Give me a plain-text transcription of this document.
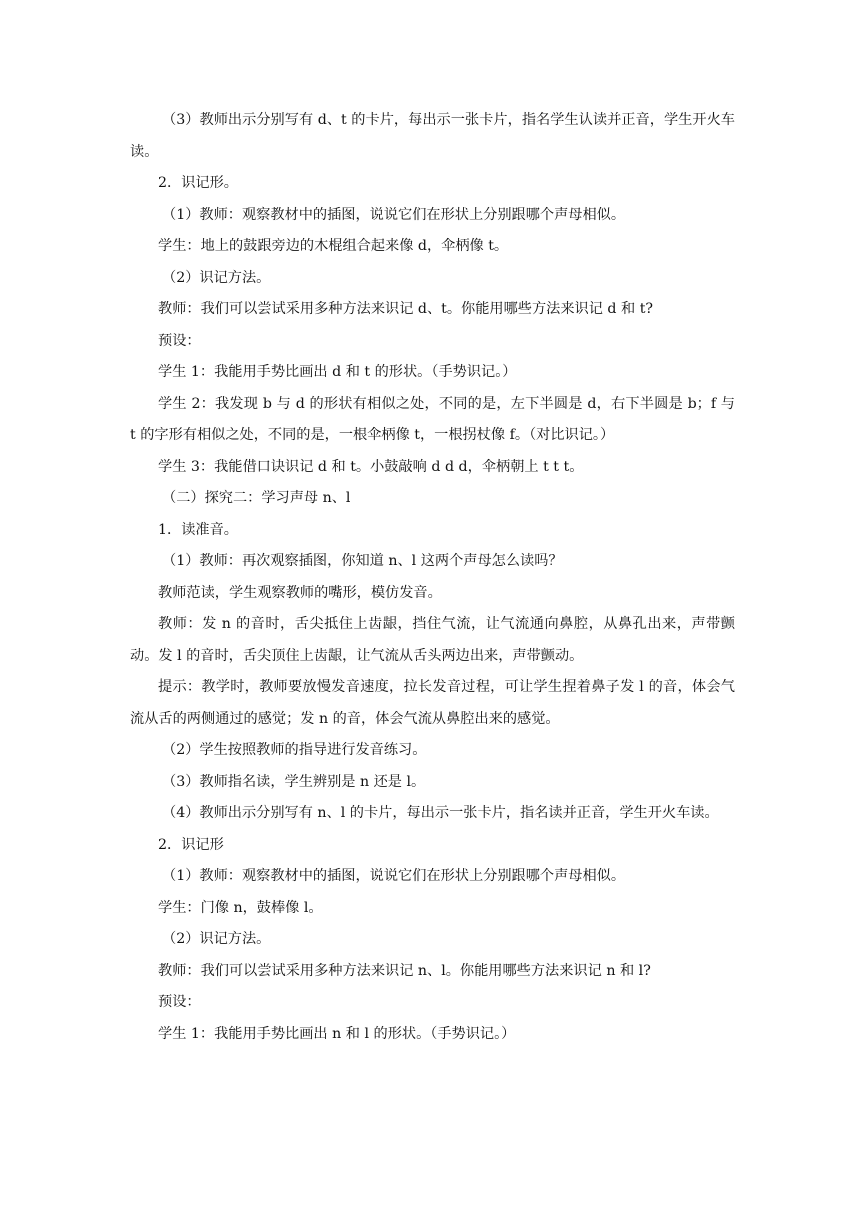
（3）教师出示分别写有 d、t 的卡片，每出示一张卡片，指名学生认读并正音，学生开火车读。

2．识记形。

（1）教师：观察教材中的插图，说说它们在形状上分别跟哪个声母相似。

学生：地上的鼓跟旁边的木棍组合起来像 d，伞柄像 t。

（2）识记方法。

教师：我们可以尝试采用多种方法来识记 d、t。你能用哪些方法来识记 d 和 t?

预设：

学生 1：我能用手势比画出 d 和 t 的形状。（手势识记。）

学生 2：我发现 b 与 d 的形状有相似之处，不同的是，左下半圆是 d，右下半圆是 b；f 与 t 的字形有相似之处，不同的是，一根伞柄像 t，一根拐杖像 f。（对比识记。）

学生 3：我能借口诀识记 d 和 t。小鼓敲响 d d d，伞柄朝上 t t t。

（二）探究二：学习声母 n、l

1．读准音。

（1）教师：再次观察插图，你知道 n、l 这两个声母怎么读吗？

教师范读，学生观察教师的嘴形，模仿发音。

教师：发 n 的音时，舌尖抵住上齿龈，挡住气流，让气流通向鼻腔，从鼻孔出来，声带颤动。发 l 的音时，舌尖顶住上齿龈，让气流从舌头两边出来，声带颤动。

提示：教学时，教师要放慢发音速度，拉长发音过程，可让学生捏着鼻子发 l 的音，体会气流从舌的两侧通过的感觉；发 n 的音，体会气流从鼻腔出来的感觉。

（2）学生按照教师的指导进行发音练习。

（3）教师指名读，学生辨别是 n 还是 l。

（4）教师出示分别写有 n、l 的卡片，每出示一张卡片，指名读并正音，学生开火车读。

2．识记形

（1）教师：观察教材中的插图，说说它们在形状上分别跟哪个声母相似。

学生：门像 n，鼓棒像 l。

（2）识记方法。

教师：我们可以尝试采用多种方法来识记 n、l。你能用哪些方法来识记 n 和 l?

预设：

学生 1：我能用手势比画出 n 和 l 的形状。（手势识记。）
